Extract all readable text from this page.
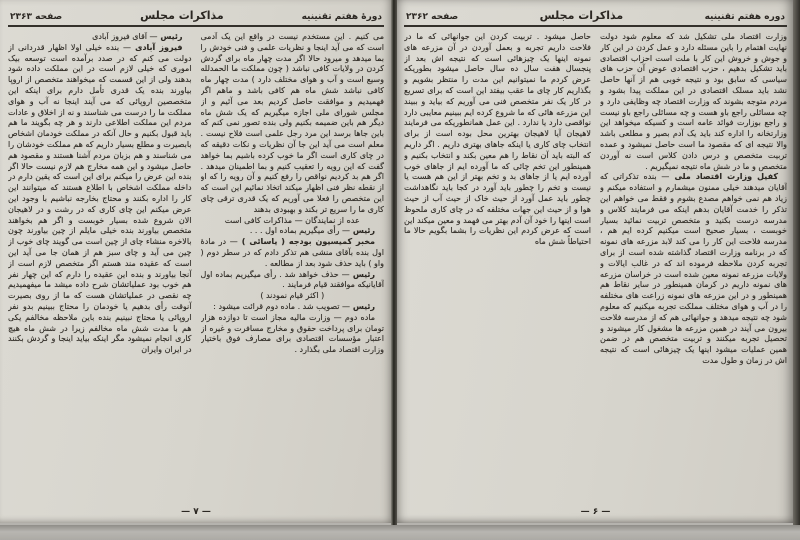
دورهٔ هفتم تقنینیه
مذاکرات مجلس
صفحه ۲۳۶۳

می کنیم . این مستخدم نیست در واقع این یک آدمی است که می آید اینجا و نظریات علمی و فنی خودش را بما میدهد و میرود حالا اگر مدت چهار ماه برای گردش کردن در ولایات کافی نباشد ( چون مملکت ما الحمدلله وسیع است و آب و هوای مختلف دارد ) مدت چهار ماه کافی نباشد شش ماه هم کافی باشد و ماهم اگر فهمیدیم و موافقت حاصل کردیم بعد می آئیم و از مجلس شورای ملی اجازه میگیریم که یک شش ماه دیگر هم باین ضمیمه بکنیم ولی بنده تصور نمی کنم که باین جاها برسد این مرد رجل علمی است فلاح نیست . معلم است می آید این جا آن نظریات و نکات دقیقه که در چای کاری است اگر ما خوب کرده باشیم بما خواهد گفت که این رویه را تعقیب کنیم و بما اطمینان میدهد . اگر هم بد کردیم نواقص را رفع کنیم و آن رویه را که او از نقطه نظر فنی اظهار میکند اتخاذ نمائیم این است که این متخصص را فعلا می آوریم که یک قدری ترقی چای کاری ما را سریع تر بکند و بهبودی بدهند

عده از نمایندگان — مذاکرات کافی است

رئیس — رأی میگیریم بماده اول . . .

مخبر کمیسیون بودجه ( یاسائی ) — در مادهٔ اول بنده بآقای منشی هم تذکر دادم که در سطر دوم ( واو ) باید حذف شود بعد از مطالعه .

رئیس — حذف خواهد شد . رأی میگیریم بماده اول آقایانیکه موافقند قیام فرمایند .

( اکثر قیام نمودند )

رئیس — تصویب شد . ماده دوم قرائت میشود :

ماده دوم — وزارت مالیه مجاز است تا دوازده هزار تومان برای پرداخت حقوق و مخارج مسافرت و غیره از اعتبار مؤسسات اقتصادی برای مصارف فوق باختیار وزارت اقتصاد ملی بگذارد .

رئیس — آقای فیروز آبادی

فیروز آبادی — بنده خیلی اولا اظهار قدردانی از دولت می کنم که در صدد برآمده است توسعه بیک اموری که خیلی لازم است در این مملکت داده شود بدهند ولی از این قسمت که میخواهند متخصص از اروپا بیاورند بنده یک قدری تأمل دارم برای اینکه این متخصصین اروپائی که می آیند اینجا نه آب و هوای مملکت ما را درست می شناسند و نه از اخلاق و عادات مردم این مملکت اطلاعی دارند و هر چه بگویند ما هم باید قبول بکنیم و حال آنکه در مملکت خودمان اشخاص بابصیرت و مطلع بسیار داریم که هم مملکت خودشان را می شناسند و هم بزبان مردم آشنا هستند و مقصود هم حاصل میشود و این همه مخارج هم لازم نیست حالا اگر بنده این عرض را میکنم برای این است که یقین دارم در داخله مملکت اشخاص با اطلاع هستند که میتوانند این کار را اداره بکنند و محتاج بخارجه نباشیم با وجود این عرض میکنم این چای کاری که در رشت و در لاهیجان الان شروع شده بسیار خوبست و اگر هم بخواهند متخصص بیاورند بنده خیلی مایلم از چین بیاورند چون بالاخره منشاء چای از چین است می گویند چای خوب از چین می آید و چای سبز هم از همان جا می آید این است که عقیده مند هستم اگر متخصص لازم است از آنجا بیاورند و بنده این عقیده را دارم که این چهار نفر هم خوب بود عملیاتشان شرح داده میشد ما میفهمیدیم چه نقصی در عملیاتشان هست که ما از روی بصیرت آنوقت رأی بدهیم یا خودمان را محتاج ببینیم بدو نفر اروپائی یا محتاج نبینیم بنده باین ملاحظه مخالفم یکی هم با مدت شش ماه مخالفم زیرا در شش ماه هیچ کاری انجام نمیشود مگر اینکه بیاید اینجا و گردش بکنند در ایران وایران

— ۷ —
دوره هفتم تقنینیه
مذاکرات مجلس
صفحه ۲۳۶۲

وزارت اقتصاد ملی تشکیل شد که معلوم شود دولت نهایت اهتمام را باین مسئله دارد و عمل کردن در این کار و جوش و خروش این کار با ملت است احزاب اقتصادی باید تشکیل بدهیم ، حزب اقتصادی عوض آن حزب های سیاسی که سابق بود و نتیجه خوبی هم از آنها حاصل نشد باید مسلک اقتصادی در این مملکت پیدا بشود و مردم متوجه بشوند که وزارت اقتصاد چه وظایفی دارد و چه مسائلی راجع باو هست و چه مسائلی راجع باو نیست و راجع بوزارت فوائد عامه است و کسیکه میخواهد این وزارتخانه را اداره کند باید یک آدم بصیر و مطلعی باشد والا نتیجه ای که مقصود ما است حاصل نمیشود و عمده تربیت متخصص و درس دادن کلاس است نه آوردن متخصص و ما در شش ماه نتیجه نمیگیریم .

کفیل وزارت اقتصاد ملی — بنده تذکراتی که آقایان میدهند خیلی ممنون میشمارم و استفاده میکنم و زیاد هم نمی خواهم مصدع بشوم و فقط می خواهم این تذکر را خدمت آقایان بدهم اینکه می فرمایند کلاس و مدرسه درست بکنید و متخصص تربیت نمائید بسیار خوبست ، بسیار صحیح است میکنیم کرده ایم هم ، مدرسه فلاحت این کار را می کند لابد مزرعه های نمونه که در برنامه وزارت اقتصاد گذاشته شده است از برای تجربه کردن ملاحظه فرموده اند که در غالب ایالات و ولایات مزرعه نمونه معین شده است در خراسان مزرعه های نمونه داریم در کرمان همینطور در سایر نقاط هم همینطور و در این مزرعه های نمونه زراعت های مختلفه را در آب و هوای مختلف مملکت تجربه میکنیم که معلوم شود چه نتیجه میدهد و جوانهائی هم که از مدرسه فلاحت بیرون می آیند در همین مزرعه ها مشغول کار میشوند و تحصیل تجربه میکنند و تربیت متخصص هم در ضمن همین عملیات میشود اینها یک چیزهائی است که نتیجه اش در زمان و طول مدت

حاصل میشود . تربیت کردن این جوانهائی که ما در فلاحت داریم تجربه و بعمل آوردن در آن مزرعه های نمونه اینها یک چیزهائی است که نتیجه اش بعد از پنجسال هفت سال ده سال حاصل میشود بطوریکه عرض کردم ما نمیتوانیم این مدت را منتظر بشویم و بگذاریم کار چای ما عقب بیفتد این است که برای تسریع در کار یک نفر متخصص فنی می آوریم که بیاید و ببیند این مزرعه هائی که ما شروع کرده ایم ببینیم معایبی دارد نواقصی دارد یا ندارد . این عمل همانطوریکه می فرمایند لاهیجان آیا لاهیجان بهترین محل بوده است از برای انتخاب چای کاری یا اینکه جاهای بهتری داریم . اگر داریم که البته باید آن نقاط را هم معین بکند و انتخاب بکنیم و همینطور این تخم چائی که ما آورده ایم از جاهای خوب آورده ایم یا از جاهای بد و تخم بهتر از این هم هست یا نیست و تخم را چطور باید آورد در کجا باید نگاهداشت چطور باید عمل آورد از حیث خاک از حیث آب از حیث هوا و از حیث این جهات مختلفه که در چای کاری ملحوظ است اینها را خود آن آدم بهتر می فهمد و معین میکند این است که عرض کردم این نظریات را بشما بگویم حالا ما احتیاطاً شش ماه

— ۶ —
